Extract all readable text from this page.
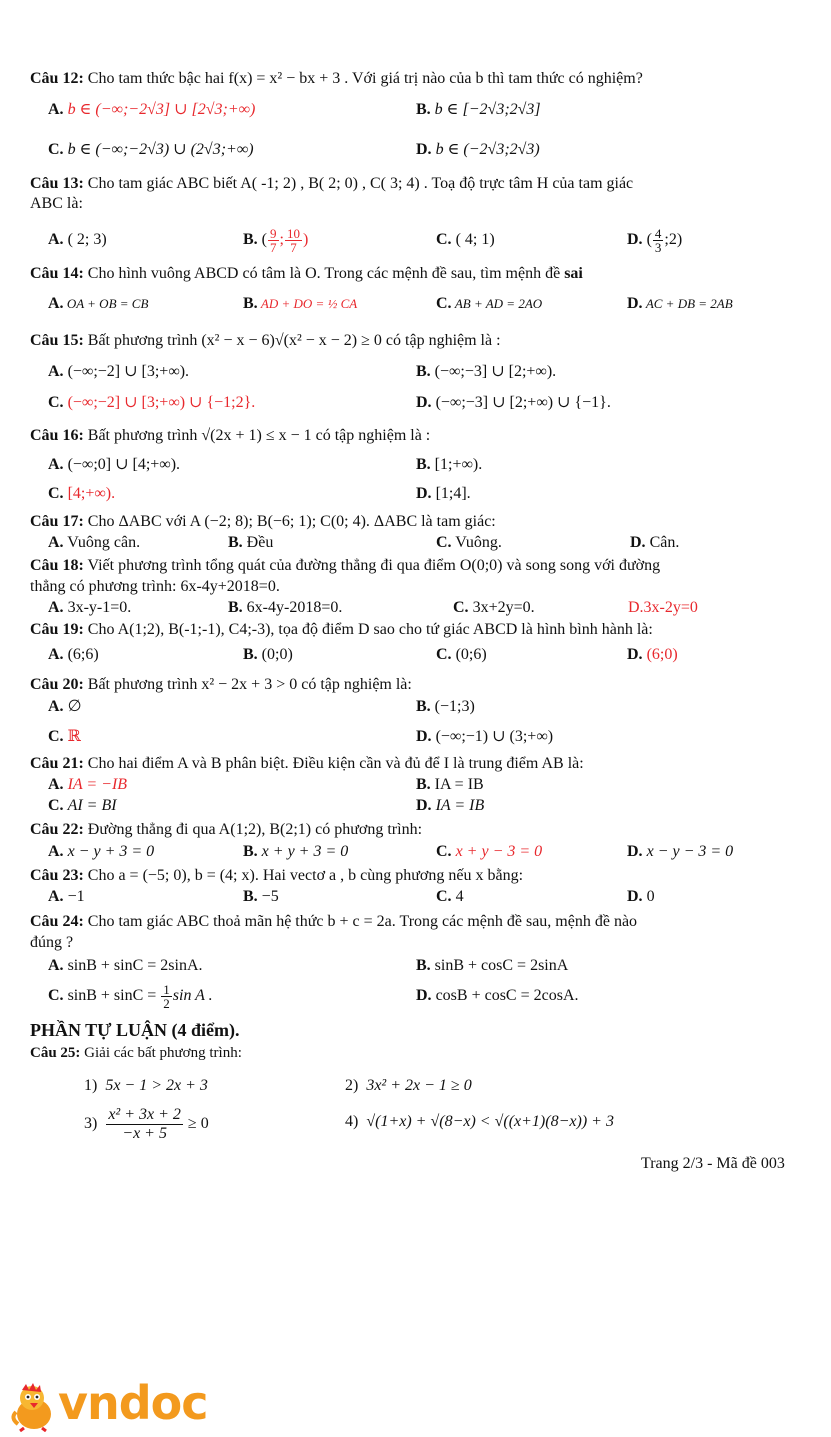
Câu 12: Cho tam thức bậc hai f(x) = x² − bx + 3 . Với giá trị nào của b thì tam thức có nghiệm?
A. b ∈ (−∞;−2√3] ∪ [2√3;+∞)	B. b ∈ [−2√3;2√3]
C. b ∈ (−∞;−2√3) ∪ (2√3;+∞)	D. b ∈ (−2√3;2√3)
Câu 13: Cho tam giác ABC biết A( -1; 2) , B( 2; 0) , C( 3; 4) . Toạ độ trực tâm H của tam giác
ABC là:
A. ( 2; 3)	B. ( $\frac{9}{7}$ ; $\frac{10}{7}$ )	C. ( 4; 1)	D. ( $\frac{4}{3}$ ;2)
Câu 14: Cho hình vuông ABCD có tâm là O. Trong các mệnh đề sau, tìm mệnh đề sai
A. OA + OB = CB	B. AD + DO = ½ CA	C. AB + AD = 2AO	D. AC + DB = 2AB
Câu 15: Bất phương trình (x² − x − 6)√(x² − x − 2) ≥ 0 có tập nghiệm là :
A. (−∞;−2] ∪ [3;+∞).	B. (−∞;−3] ∪ [2;+∞).
C. (−∞;−2] ∪ [3;+∞) ∪ {−1;2}.	D. (−∞;−3] ∪ [2;+∞) ∪ {−1}.
Câu 16: Bất phương trình √(2x + 1) ≤ x − 1 có tập nghiệm là :
A. (−∞;0] ∪ [4;+∞).	B. [1;+∞).
C. [4;+∞).	D. [1;4].
Câu 17: Cho ΔABC với A (−2; 8); B(−6; 1); C(0; 4). ΔABC là tam giác:
A. Vuông cân.	B. Đều	C. Vuông.	D. Cân.
Câu 18: Viết phương trình tổng quát của đường thẳng đi qua điểm O(0;0) và song song với đường
thẳng có phương trình: 6x-4y+2018=0.
A. 3x-y-1=0.	B. 6x-4y-2018=0.	C. 3x+2y=0.	D.3x-2y=0
Câu 19: Cho A(1;2), B(-1;-1), C4;-3), tọa độ điểm D sao cho tứ giác ABCD là hình bình hành là:
A. (6;6)	B. (0;0)	C. (0;6)	D. (6;0)
Câu 20: Bất phương trình x² − 2x + 3 > 0 có tập nghiệm là:
A. ∅	B. (−1;3)
C. ℝ	D. (−∞;−1) ∪ (3;+∞)
Câu 21: Cho hai điểm A và B phân biệt. Điều kiện cần và đủ để I là trung điểm AB là:
A. IA = −IB	B. IA = IB
C. AI = BI	D. IA = IB
Câu 22: Đường thẳng đi qua A(1;2), B(2;1) có phương trình:
A. x − y + 3 = 0	B. x + y + 3 = 0	C. x + y − 3 = 0	D. x − y − 3 = 0
Câu 23: Cho a = (−5; 0), b = (4; x). Hai vectơ a , b cùng phương nếu x bằng:
A. −1	B. −5	C. 4	D. 0
Câu 24: Cho tam giác ABC thoả mãn hệ thức b + c = 2a. Trong các mệnh đề sau, mệnh đề nào
đúng ?
A. sinB + sinC = 2sinA.	B. sinB + cosC = 2sinA
C. $\sin B + \sin C = \frac{1}{2}$ sin A .	D. cosB + cosC = 2cosA.
PHẦN TỰ LUẬN (4 điểm).
Câu 25: Giải các bất phương trình:
1) 5x − 1 > 2x + 3	2) 3x² + 2x − 1 ≥ 0
$3) \frac{\text{x² + 3x + 2}}{-x + 5} \ge 0$	4) √(1+x) + √(8−x) < √((x+1)(8−x)) + 3
Trang 2/3 - Mã đề 003
vndoc
